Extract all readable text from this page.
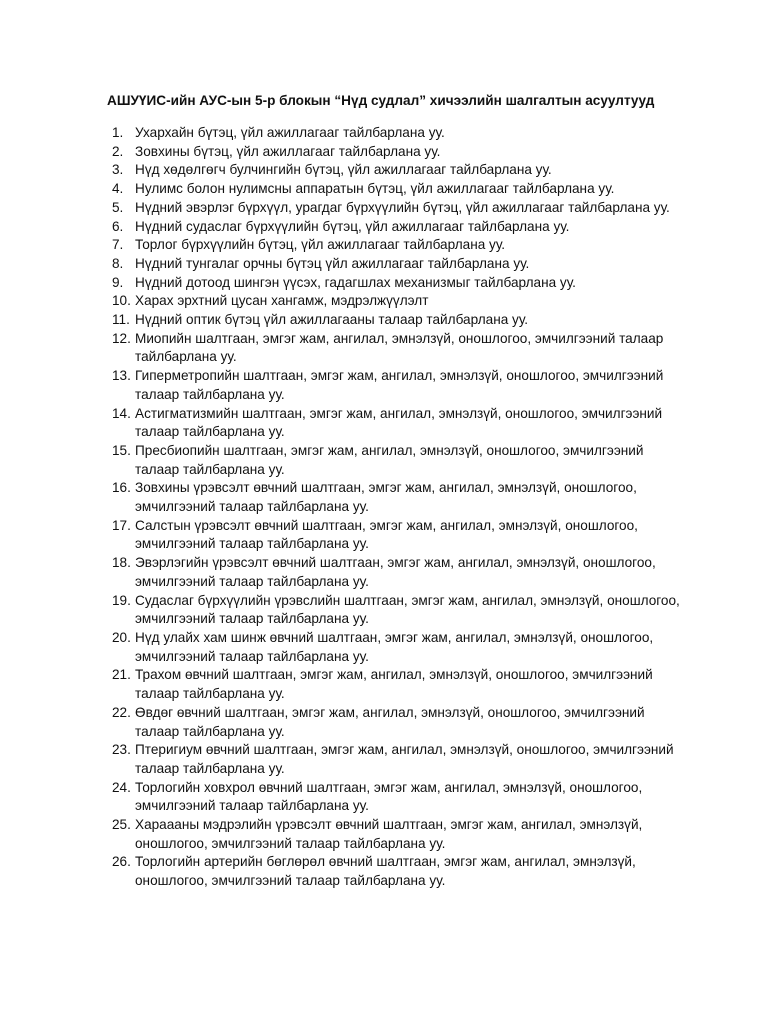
АШУҮИС-ийн АУС-ын 5-р блокын “Нүд судлал” хичээлийн шалгалтын асуултууд
1. Ухархайн бүтэц, үйл ажиллагааг тайлбарлана уу.
2. Зовхины бүтэц, үйл ажиллагааг тайлбарлана уу.
3. Нүд хөдөлгөгч булчингийн бүтэц, үйл ажиллагааг тайлбарлана уу.
4. Нулимс болон нулимсны аппаратын бүтэц, үйл ажиллагааг тайлбарлана уу.
5. Нүдний эвэрлэг бүрхүүл, урагдаг бүрхүүлийн бүтэц, үйл ажиллагааг тайлбарлана уу.
6. Нүдний судаслаг бүрхүүлийн бүтэц, үйл ажиллагааг тайлбарлана уу.
7. Торлог бүрхүүлийн бүтэц, үйл ажиллагааг тайлбарлана уу.
8. Нүдний тунгалаг орчны бүтэц үйл ажиллагааг тайлбарлана уу.
9. Нүдний дотоод шингэн үүсэх, гадагшлах механизмыг тайлбарлана уу.
10. Харах эрхтний цусан хангамж, мэдрэлжүүлэлт
11. Нүдний оптик бүтэц үйл ажиллагааны талаар тайлбарлана уу.
12. Миопийн шалтгаан, эмгэг жам, ангилал, эмнэлзүй, оношлогоо, эмчилгээний талаар тайлбарлана уу.
13. Гиперметропийн шалтгаан, эмгэг жам, ангилал, эмнэлзүй, оношлогоо, эмчилгээний талаар тайлбарлана уу.
14. Астигматизмийн шалтгаан, эмгэг жам, ангилал, эмнэлзүй, оношлогоо, эмчилгээний талаар тайлбарлана уу.
15. Пресбиопийн шалтгаан, эмгэг жам, ангилал, эмнэлзүй, оношлогоо, эмчилгээний талаар тайлбарлана уу.
16. Зовхины үрэвсэлт өвчний шалтгаан, эмгэг жам, ангилал, эмнэлзүй, оношлогоо, эмчилгээний талаар тайлбарлана уу.
17. Салстын үрэвсэлт өвчний шалтгаан, эмгэг жам, ангилал, эмнэлзүй, оношлогоо, эмчилгээний талаар тайлбарлана уу.
18. Эвэрлэгийн үрэвсэлт өвчний шалтгаан, эмгэг жам, ангилал, эмнэлзүй, оношлогоо, эмчилгээний талаар тайлбарлана уу.
19. Судаслаг бүрхүүлийн үрэвслийн шалтгаан, эмгэг жам, ангилал, эмнэлзүй, оношлогоо, эмчилгээний талаар тайлбарлана уу.
20. Нүд улайх хам шинж өвчний шалтгаан, эмгэг жам, ангилал, эмнэлзүй, оношлогоо, эмчилгээний талаар тайлбарлана уу.
21. Трахом өвчний шалтгаан, эмгэг жам, ангилал, эмнэлзүй, оношлогоо, эмчилгээний талаар тайлбарлана уу.
22. Өвдөг өвчний шалтгаан, эмгэг жам, ангилал, эмнэлзүй, оношлогоо, эмчилгээний талаар тайлбарлана уу.
23. Птеригиум өвчний шалтгаан, эмгэг жам, ангилал, эмнэлзүй, оношлогоо, эмчилгээний талаар тайлбарлана уу.
24. Торлогийн ховхрол өвчний шалтгаан, эмгэг жам, ангилал, эмнэлзүй, оношлогоо, эмчилгээний талаар тайлбарлана уу.
25. Хараааны мэдрэлийн үрэвсэлт өвчний шалтгаан, эмгэг жам, ангилал, эмнэлзүй, оношлогоо, эмчилгээний талаар тайлбарлана уу.
26. Торлогийн артерийн бөглөрөл өвчний шалтгаан, эмгэг жам, ангилал, эмнэлзүй, оношлогоо, эмчилгээний талаар тайлбарлана уу.
